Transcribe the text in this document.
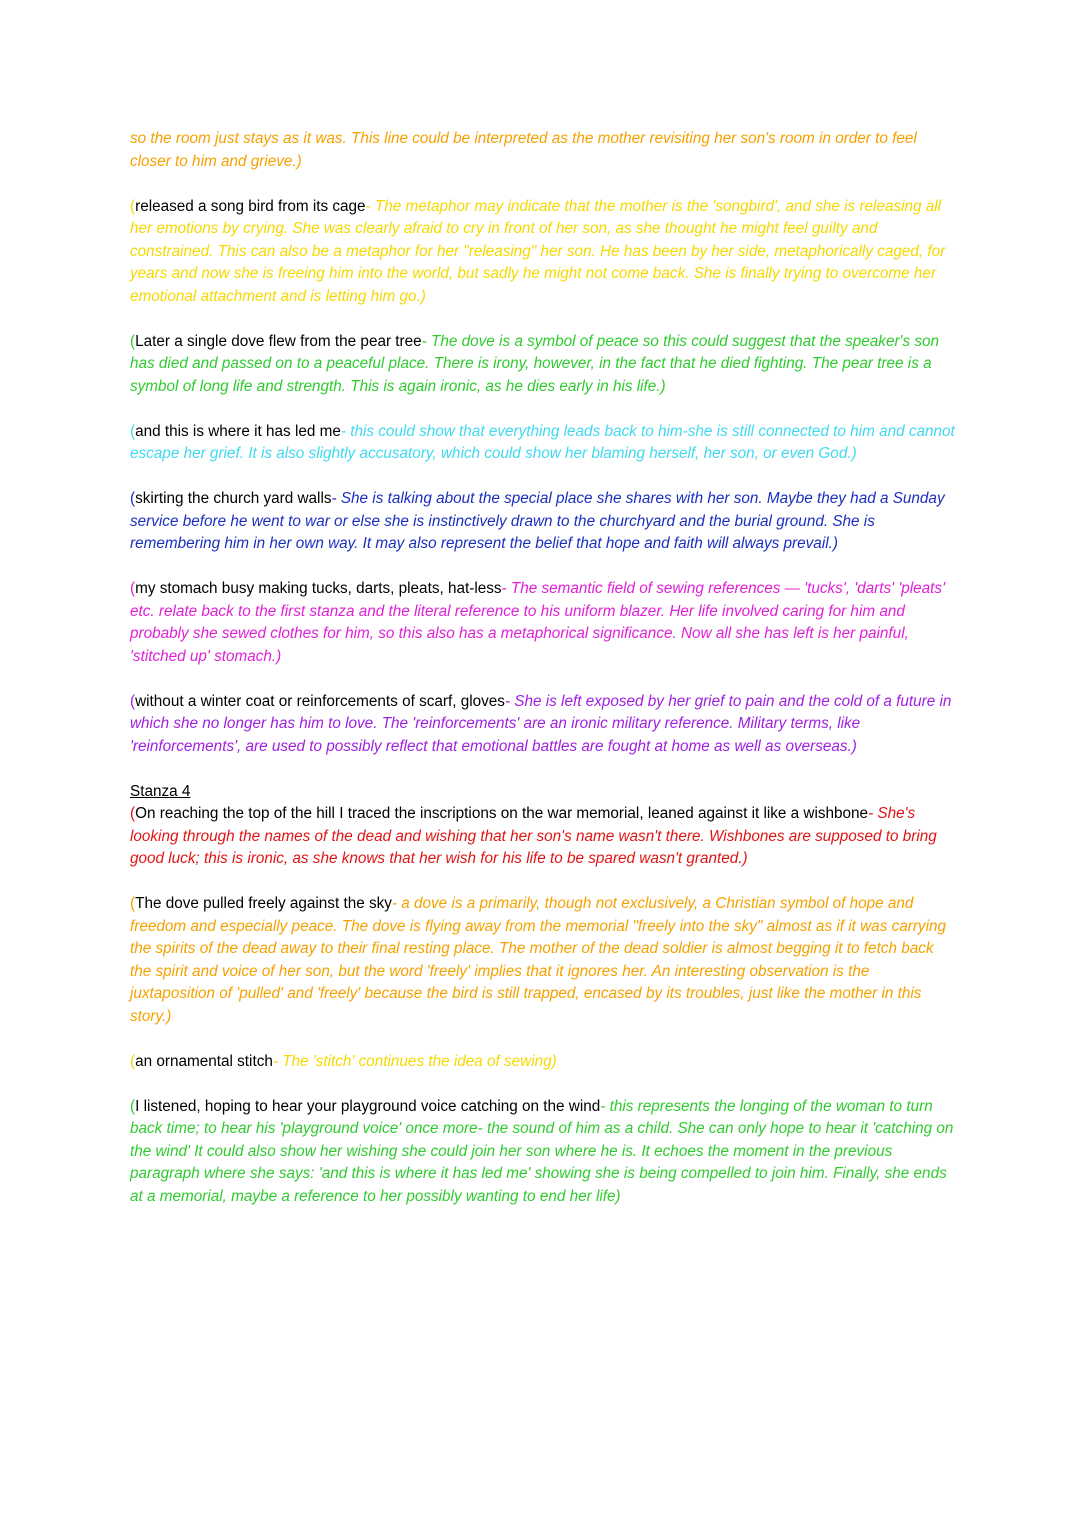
so the room just stays as it was. This line could be interpreted as the mother revisiting her son's room in order to feel closer to him and grieve.)

(released a song bird from its cage- The metaphor may indicate that the mother is the 'songbird', and she is releasing all her emotions by crying. She was clearly afraid to cry in front of her son, as she thought he might feel guilty and constrained. This can also be a metaphor for her "releasing" her son. He has been by her side, metaphorically caged, for years and now she is freeing him into the world, but sadly he might not come back. She is finally trying to overcome her emotional attachment and is letting him go.)

(Later a single dove flew from the pear tree- The dove is a symbol of peace so this could suggest that the speaker's son has died and passed on to a peaceful place. There is irony, however, in the fact that he died fighting. The pear tree is a symbol of long life and strength. This is again ironic, as he dies early in his life.)

(and this is where it has led me- this could show that everything leads back to him-she is still connected to him and cannot escape her grief. It is also slightly accusatory, which could show her blaming herself, her son, or even God.)

(skirting the church yard walls- She is talking about the special place she shares with her son. Maybe they had a Sunday service before he went to war or else she is instinctively drawn to the churchyard and the burial ground. She is remembering him in her own way. It may also represent the belief that hope and faith will always prevail.)

(my stomach busy making tucks, darts, pleats, hat-less- The semantic field of sewing references — 'tucks', 'darts' 'pleats' etc. relate back to the first stanza and the literal reference to his uniform blazer. Her life involved caring for him and probably she sewed clothes for him, so this also has a metaphorical significance. Now all she has left is her painful, 'stitched up' stomach.)

(without a winter coat or reinforcements of scarf, gloves- She is left exposed by her grief to pain and the cold of a future in which she no longer has him to love. The 'reinforcements' are an ironic military reference. Military terms, like 'reinforcements', are used to possibly reflect that emotional battles are fought at home as well as overseas.)

Stanza 4

(On reaching the top of the hill I traced the inscriptions on the war memorial, leaned against it like a wishbone- She's looking through the names of the dead and wishing that her son's name wasn't there. Wishbones are supposed to bring good luck; this is ironic, as she knows that her wish for his life to be spared wasn't granted.)

(The dove pulled freely against the sky- a dove is a primarily, though not exclusively, a Christian symbol of hope and freedom and especially peace. The dove is flying away from the memorial "freely into the sky" almost as if it was carrying the spirits of the dead away to their final resting place. The mother of the dead soldier is almost begging it to fetch back the spirit and voice of her son, but the word 'freely' implies that it ignores her. An interesting observation is the juxtaposition of 'pulled' and 'freely' because the bird is still trapped, encased by its troubles, just like the mother in this story.)

(an ornamental stitch- The 'stitch' continues the idea of sewing)

(I listened, hoping to hear your playground voice catching on the wind- this represents the longing of the woman to turn back time; to hear his 'playground voice' once more- the sound of him as a child. She can only hope to hear it 'catching on the wind' It could also show her wishing she could join her son where he is. It echoes the moment in the previous paragraph where she says: 'and this is where it has led me' showing she is being compelled to join him. Finally, she ends at a memorial, maybe a reference to her possibly wanting to end her life)
